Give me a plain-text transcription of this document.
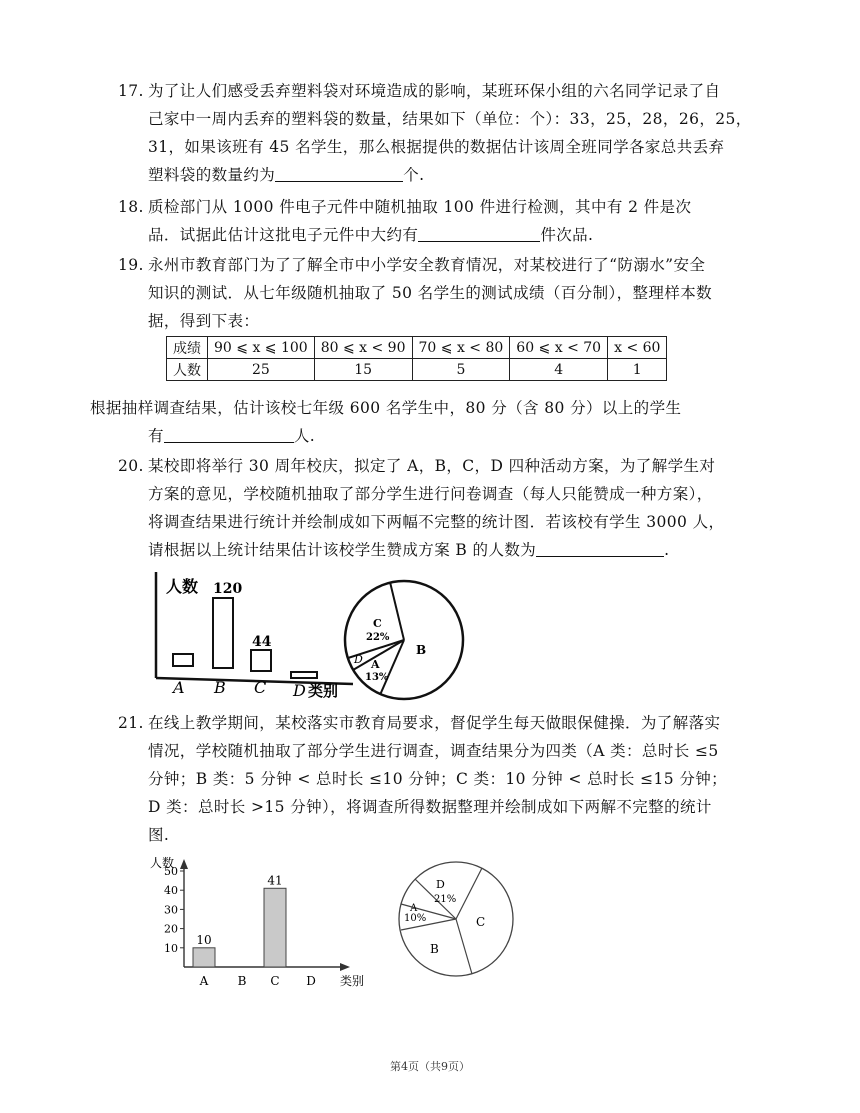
17. 为了让人们感受丢弃塑料袋对环境造成的影响，某班环保小组的六名同学记录了自
己家中一周内丢弃的塑料袋的数量，结果如下（单位：个）：33，25，28，26，25，
31，如果该班有 45 名学生，那么根据提供的数据估计该周全班同学各家总共丢弃
塑料袋的数量约为	个.
18. 质检部门从 1000 件电子元件中随机抽取 100 件进行检测，其中有 2 件是次
品．试据此估计这批电子元件中大约有	件次品.
19. 永州市教育部门为了了解全市中小学安全教育情况，对某校进行了“防溺水”安全
知识的测试．从七年级随机抽取了 50 名学生的测试成绩（百分制），整理样本数
据，得到下表：
成绩	90 ⩽ x ⩽ 100	80 ⩽ x < 90	70 ⩽ x < 80	60 ⩽ x < 70	x < 60
人数	25	15	5	4	1
根据抽样调查结果，估计该校七年级 600 名学生中，80 分（含 80 分）以上的学生
有	人.
20. 某校即将举行 30 周年校庆，拟定了 A，B，C，D 四种活动方案，为了解学生对
方案的意见，学校随机抽取了部分学生进行问卷调查（每人只能赞成一种方案），
将调查结果进行统计并绘制成如下两幅不完整的统计图．若该校有学生 3000 人，
请根据以上统计结果估计该校学生赞成方案 B 的人数为	.
人数 120
44
A B C D 类别
C
22%
D A
13%
B
21. 在线上教学期间，某校落实市教育局要求，督促学生每天做眼保健操．为了解落实
情况，学校随机抽取了部分学生进行调查，调查结果分为四类（A 类：总时长 ≤5
分钟；B 类：5 分钟 < 总时长 ≤10 分钟；C 类：10 分钟 < 总时长 ≤15 分钟；
D 类：总时长 >15 分钟），将调查所得数据整理并绘制成如下两解不完整的统计
图.
人数
10
20
30
40
50
10
41
A B C D 类别
D
21%
A
10%	C
B
第4页（共9页）
